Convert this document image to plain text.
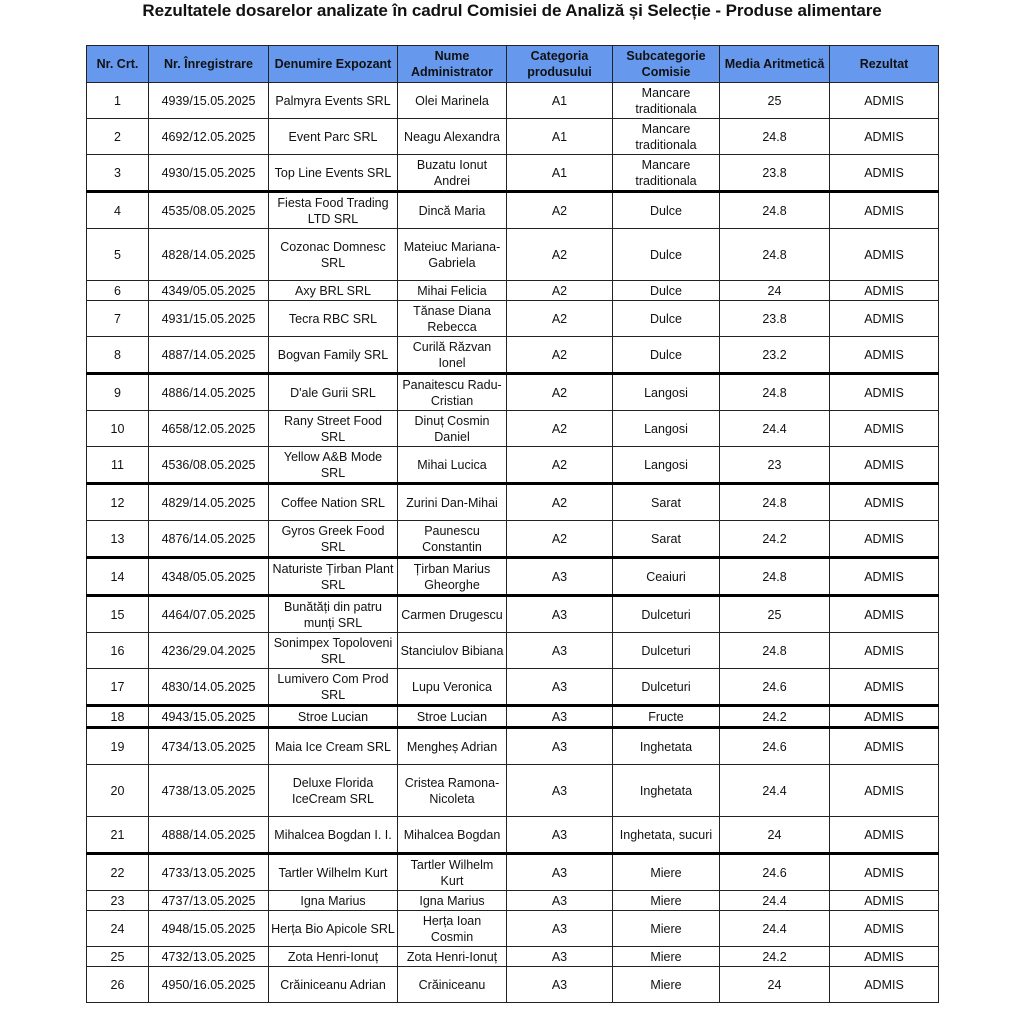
Rezultatele dosarelor analizate în cadrul Comisiei de Analiză și Selecție - Produse alimentare
Nr. Crt.	Nr. Înregistrare	Denumire Expozant	Nume Administrator	Categoria produsului	Subcategorie Comisie	Media Aritmetică	Rezultat
1	4939/15.05.2025	Palmyra Events SRL	Olei Marinela	A1	Mancare traditionala	25	ADMIS
2	4692/12.05.2025	Event Parc SRL	Neagu Alexandra	A1	Mancare traditionala	24.8	ADMIS
3	4930/15.05.2025	Top Line Events SRL	Buzatu Ionut Andrei	A1	Mancare traditionala	23.8	ADMIS
4	4535/08.05.2025	Fiesta Food Trading LTD SRL	Dincă Maria	A2	Dulce	24.8	ADMIS
5	4828/14.05.2025	Cozonac Domnesc SRL	Mateiuc Mariana-Gabriela	A2	Dulce	24.8	ADMIS
6	4349/05.05.2025	Axy BRL SRL	Mihai Felicia	A2	Dulce	24	ADMIS
7	4931/15.05.2025	Tecra RBC SRL	Tănase Diana Rebecca	A2	Dulce	23.8	ADMIS
8	4887/14.05.2025	Bogvan Family SRL	Curilă Răzvan Ionel	A2	Dulce	23.2	ADMIS
9	4886/14.05.2025	D'ale Gurii SRL	Panaitescu Radu-Cristian	A2	Langosi	24.8	ADMIS
10	4658/12.05.2025	Rany Street Food SRL	Dinuț Cosmin Daniel	A2	Langosi	24.4	ADMIS
11	4536/08.05.2025	Yellow A&B Mode SRL	Mihai Lucica	A2	Langosi	23	ADMIS
12	4829/14.05.2025	Coffee Nation SRL	Zurini Dan-Mihai	A2	Sarat	24.8	ADMIS
13	4876/14.05.2025	Gyros Greek Food SRL	Paunescu Constantin	A2	Sarat	24.2	ADMIS
14	4348/05.05.2025	Naturiste Țirban Plant SRL	Țirban Marius Gheorghe	A3	Ceaiuri	24.8	ADMIS
15	4464/07.05.2025	Bunătăți din patru munți SRL	Carmen Drugescu	A3	Dulceturi	25	ADMIS
16	4236/29.04.2025	Sonimpex Topoloveni SRL	Stanciulov Bibiana	A3	Dulceturi	24.8	ADMIS
17	4830/14.05.2025	Lumivero Com Prod SRL	Lupu Veronica	A3	Dulceturi	24.6	ADMIS
18	4943/15.05.2025	Stroe Lucian	Stroe Lucian	A3	Fructe	24.2	ADMIS
19	4734/13.05.2025	Maia Ice Cream SRL	Mengheș Adrian	A3	Inghetata	24.6	ADMIS
20	4738/13.05.2025	Deluxe Florida IceCream SRL	Cristea Ramona-Nicoleta	A3	Inghetata	24.4	ADMIS
21	4888/14.05.2025	Mihalcea Bogdan I. I.	Mihalcea Bogdan	A3	Inghetata, sucuri	24	ADMIS
22	4733/13.05.2025	Tartler Wilhelm Kurt	Tartler Wilhelm Kurt	A3	Miere	24.6	ADMIS
23	4737/13.05.2025	Igna Marius	Igna Marius	A3	Miere	24.4	ADMIS
24	4948/15.05.2025	Herța Bio Apicole SRL	Herța Ioan Cosmin	A3	Miere	24.4	ADMIS
25	4732/13.05.2025	Zota Henri-Ionuț	Zota Henri-Ionuț	A3	Miere	24.2	ADMIS
26	4950/16.05.2025	Crăiniceanu Adrian	Crăiniceanu	A3	Miere	24	ADMIS
